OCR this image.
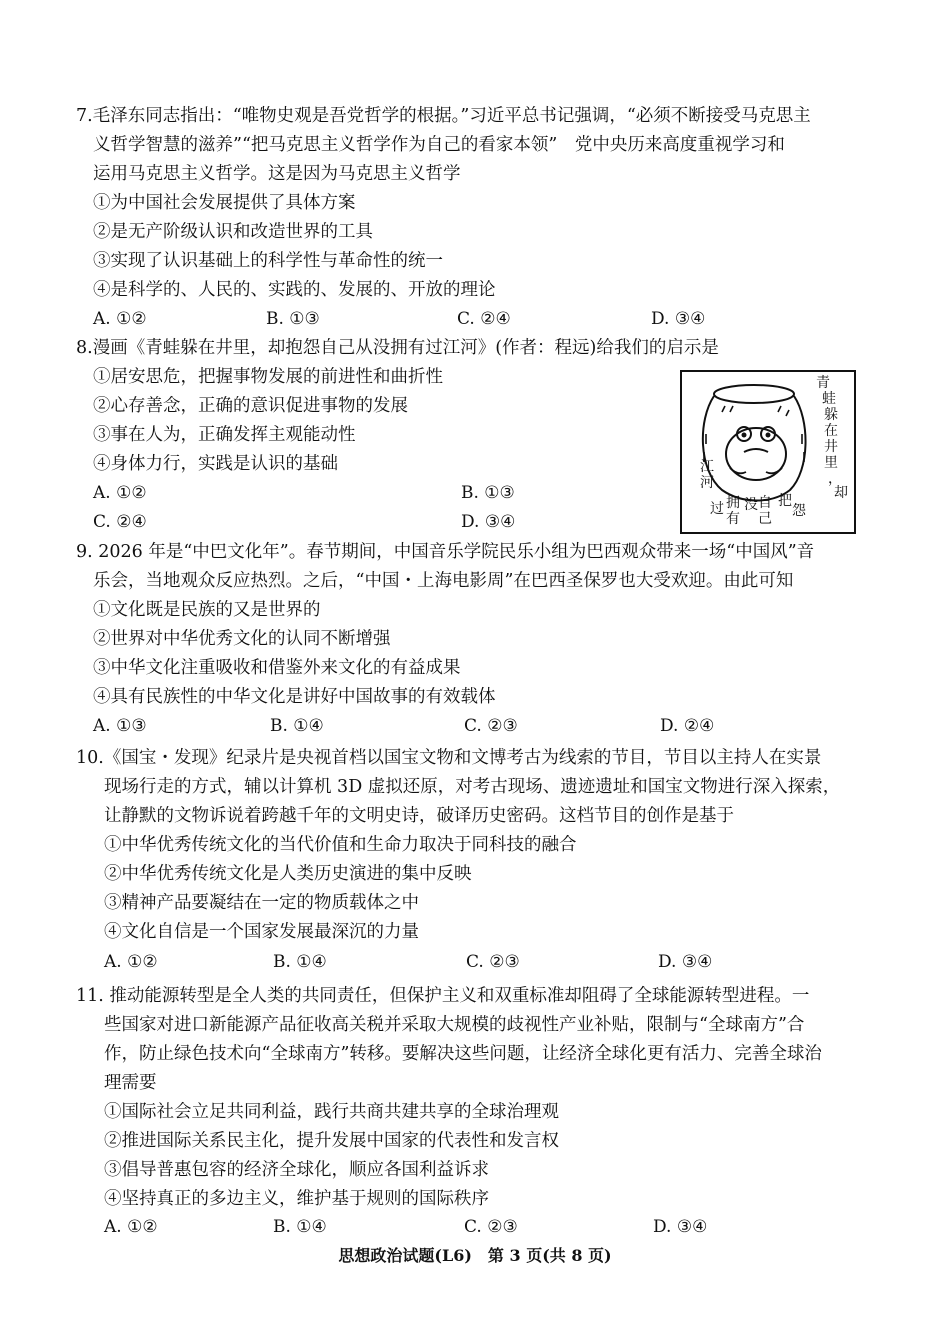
7.毛泽东同志指出：“唯物史观是吾党哲学的根据。”习近平总书记强调，“必须不断接受马克思主
义哲学智慧的滋养”“把马克思主义哲学作为自己的看家本领”　党中央历来高度重视学习和
运用马克思主义哲学。这是因为马克思主义哲学
①为中国社会发展提供了具体方案
②是无产阶级认识和改造世界的工具
③实现了认识基础上的科学性与革命性的统一
④是科学的、人民的、实践的、发展的、开放的理论
A. ①②	B. ①③	C. ②④	D. ③④
8.漫画《青蛙躲在井里，却抱怨自己从没拥有过江河》(作者：程远)给我们的启示是
①居安思危，把握事物发展的前进性和曲折性
②心存善念，正确的意识促进事物的发展
③事在人为，正确发挥主观能动性
④身体力行，实践是认识的基础
A. ①②	B. ①③
C. ②④	D. ③④
青
蛙
躲
在
井
里
，
却
江
河
过 拥
有
没 自
己
把
怨
9. 2026 年是“中巴文化年”。春节期间，中国音乐学院民乐小组为巴西观众带来一场“中国风”音
乐会，当地观众反应热烈。之后，“中国・上海电影周”在巴西圣保罗也大受欢迎。由此可知
①文化既是民族的又是世界的
②世界对中华优秀文化的认同不断增强
③中华文化注重吸收和借鉴外来文化的有益成果
④具有民族性的中华文化是讲好中国故事的有效载体
A. ①③	B. ①④	C. ②③	D. ②④
10.《国宝・发现》纪录片是央视首档以国宝文物和文博考古为线索的节目，节目以主持人在实景
现场行走的方式，辅以计算机 3D 虚拟还原，对考古现场、遗迹遗址和国宝文物进行深入探索，
让静默的文物诉说着跨越千年的文明史诗，破译历史密码。这档节目的创作是基于
①中华优秀传统文化的当代价值和生命力取决于同科技的融合
②中华优秀传统文化是人类历史演进的集中反映
③精神产品要凝结在一定的物质载体之中
④文化自信是一个国家发展最深沉的力量
A. ①②	B. ①④	C. ②③	D. ③④
11. 推动能源转型是全人类的共同责任，但保护主义和双重标准却阻碍了全球能源转型进程。一
些国家对进口新能源产品征收高关税并采取大规模的歧视性产业补贴，限制与“全球南方”合
作，防止绿色技术向“全球南方”转移。要解决这些问题，让经济全球化更有活力、完善全球治
理需要
①国际社会立足共同利益，践行共商共建共享的全球治理观
②推进国际关系民主化，提升发展中国家的代表性和发言权
③倡导普惠包容的经济全球化，顺应各国利益诉求
④坚持真正的多边主义，维护基于规则的国际秩序
A. ①②	B. ①④	C. ②③	D. ③④
思想政治试题(L6)　第 3 页(共 8 页)
